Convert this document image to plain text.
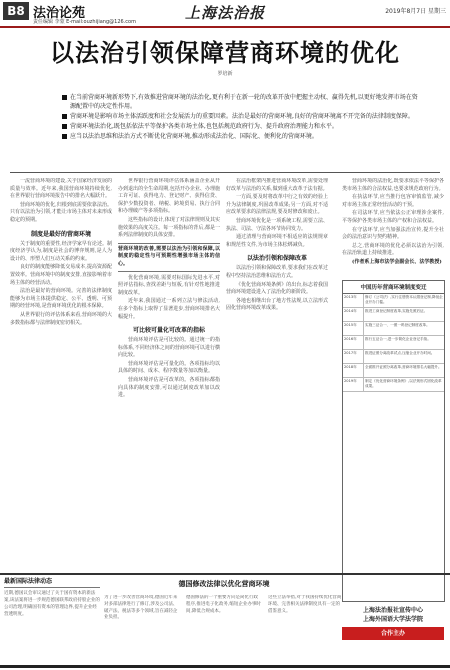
B8 法治论苑
责任编辑 李蒙 E-mail:ouzhijiang@126.com	上海法治报	2019年8月7日 星期三
以法治引领保障营商环境的优化
罗培新
在当前营商环境新形势下,有效推进营商环境的法治化,更有利于在新一轮的改革开放中把握主动权、赢得先机,以更好地发挥市场在资源配置中的决定性作用。
营商环境是影响市场主体活跃度和社会发展活力的重要因素。法治是最好的营商环境,良好的营商环境离不开完备的法律制度保障。
营商环境法治化,既包括依法平等保护各类市场主体,也包括规范政府行为、提升政府治理能力和水平。
应当以法治思维和法治方式不断优化营商环境,推动形成法治化、国际化、便利化的营商环境。

一流营商环境的建设,关乎国家经济发展的质量与效率。近年来,我国营商环境持续优化,在世界银行营商环境报告中的排名大幅跃升。

营商环境的优化,归根到底需要依靠法治。只有以法治为引领,才能让市场主体对未来形成稳定的预期。

制度是最好的营商环境

关于制度的重要性,经济学家早有论述。制度经济学认为,制度是社会的博弈规则,是人为设计的、形塑人们互动关系的约束。

良好的制度能够降低交易成本,提高资源配置效率。营商环境中的制度安排,直接影响着市场主体的经营活动。

法治是最好的营商环境。完善的法律制度能够为市场主体提供稳定、公平、透明、可预期的经营环境,是营商环境优化的根本保障。

从世界银行的评估体系来看,营商环境的大多数指标都与法律制度密切相关。

世界银行营商环境评估体系涵盖企业从开办到退出的全生命周期,包括开办企业、办理施工许可证、获得电力、登记财产、获得信贷、保护少数投资者、纳税、跨境贸易、执行合同和办理破产等多项指标。

这些指标的设计,体现了对法律规则及其实施效果的高度关注。每一项指标的背后,都是一系列法律制度的具体安排。

营商环境的改善,需要以法治为引领和保障,以制度的稳定性与可预期性增强市场主体的信心。

优化营商环境,需要对标国际先进水平,对照评估指标,查找差距与短板,有针对性地推进制度改革。

近年来,我国通过一系列立法与修法活动,在多个指标上取得了显著进步,营商环境排名大幅提升。

可比较可量化可改革的指标

营商环境评估是可比较的。通过统一的指标体系,不同经济体之间的营商环境可以进行横向比较。

营商环境评估是可量化的。各项指标均以具体的时间、成本、程序数量等加以衡量。

营商环境评估是可改革的。各项指标都指向具体的制度安排,可以通过制度改革加以改进。

在法治框架内推进营商环境改革,需要处理好改革与法治的关系,做到重大改革于法有据。

一方面,要及时将改革中行之有效的经验上升为法律制度,巩固改革成果;另一方面,对不适应改革要求的法律法规,要及时修改和废止。

营商环境优化是一项系统工程,需要立法、执法、司法、守法各环节协同发力。

通过清理与营商环境不相适应的法规规章和规范性文件,为市场主体松绑减负。

以法治引领和保障改革

以法治引领和保障改革,要求我们在改革过程中坚持法治思维和法治方式。

《优化营商环境条例》的出台,标志着我国营商环境建设进入了法治化的新阶段。

各地也相继出台了地方性法规,以立法形式固化营商环境改革成果。

营商环境的法治化,既要求依法平等保护各类市场主体的合法权益,也要求规范政府行为。

在执法环节,应当推行包容审慎监管,减少对市场主体正常经营活动的干预。

在司法环节,应当依法公正审理涉企案件,平等保护各类市场主体的产权和合法权益。

在守法环节,应当加强法治宣传,提升全社会的法治意识与契约精神。

总之,营商环境的优化必须以法治为引领,在法治轨道上持续推进。

(作者系上海市法学会副会长、法学教授)

中国历年营商环境制度变迁
2013年	修订《公司法》,实行注册资本认缴登记制,降低企业开办门槛。
2014年	推进工商登记制度改革,实施先照后证。
2015年	实施三证合一、一照一码登记制度改革。
2016年	推行五证合一,进一步简化企业登记手续。
2017年	推进证照分离改革试点,压缩企业开办时间。
2018年	全面推开证照分离改革,营商环境排名大幅提升。
2019年	制定《优化营商环境条例》,以法规形式固化改革成果。
最新国际法律动态
近期,德国议会审议通过了关于国有资本的新法案,该法案将进一步规范德国联邦政府持股企业的公司治理,明确国有资本的管理边界,提升企业经营透明度。
德国修改法律以优化营商环境
为了进一步改善营商环境,德国近年来对多部法律进行了修订,涉及公司法、破产法、税法等多个领域,旨在减轻企业负担。
德国修法的一个重要方向是简化行政程序,推进电子化政务,缩短企业办事时间,降低合规成本。
这些立法举措,对于我国持续优化营商环境、完善相关法律制度具有一定的借鉴意义。	上海法治报社宣传中心
上海外国语大学法学院
合作主办
